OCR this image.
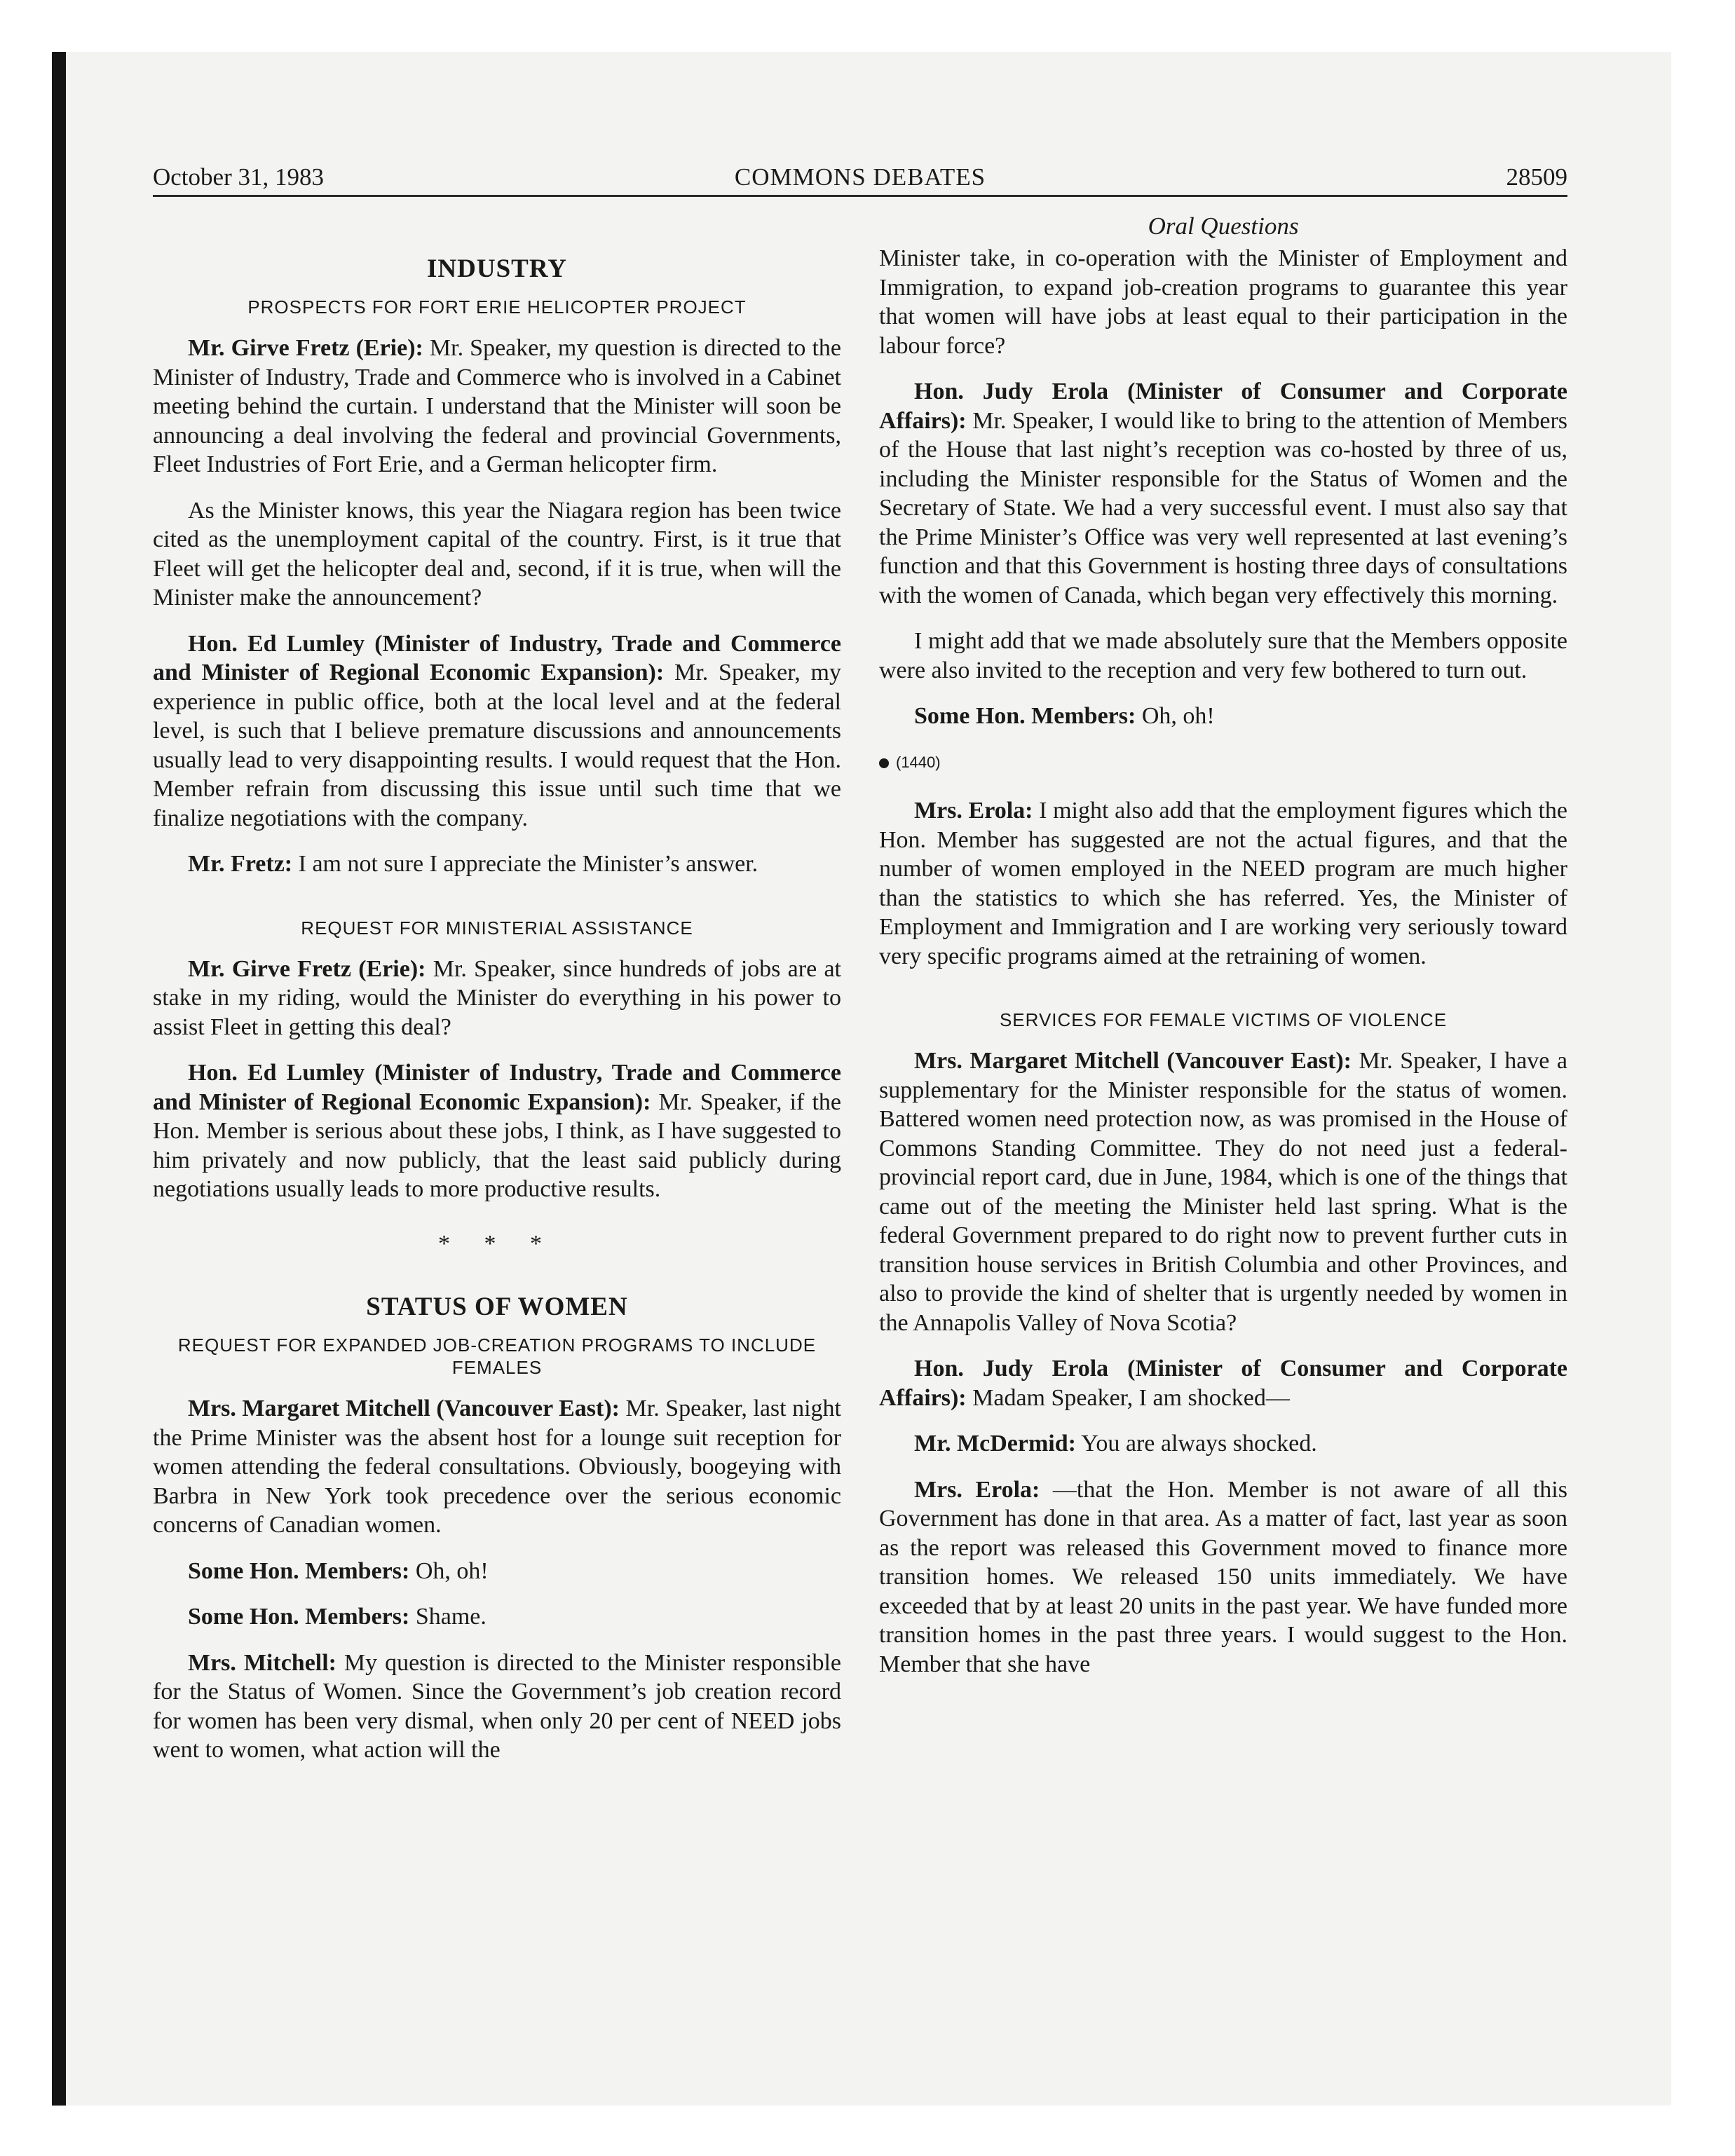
October 31, 1983	COMMONS DEBATES	28509
INDUSTRY
PROSPECTS FOR FORT ERIE HELICOPTER PROJECT

Mr. Girve Fretz (Erie): Mr. Speaker, my question is directed to the Minister of Industry, Trade and Commerce who is involved in a Cabinet meeting behind the curtain. I understand that the Minister will soon be announcing a deal involving the federal and provincial Governments, Fleet Industries of Fort Erie, and a German helicopter firm.

As the Minister knows, this year the Niagara region has been twice cited as the unemployment capital of the country. First, is it true that Fleet will get the helicopter deal and, second, if it is true, when will the Minister make the announcement?

Hon. Ed Lumley (Minister of Industry, Trade and Commerce and Minister of Regional Economic Expansion): Mr. Speaker, my experience in public office, both at the local level and at the federal level, is such that I believe premature discussions and announcements usually lead to very disappointing results. I would request that the Hon. Member refrain from discussing this issue until such time that we finalize negotiations with the company.

Mr. Fretz: I am not sure I appreciate the Minister’s answer.

REQUEST FOR MINISTERIAL ASSISTANCE

Mr. Girve Fretz (Erie): Mr. Speaker, since hundreds of jobs are at stake in my riding, would the Minister do everything in his power to assist Fleet in getting this deal?

Hon. Ed Lumley (Minister of Industry, Trade and Commerce and Minister of Regional Economic Expansion): Mr. Speaker, if the Hon. Member is serious about these jobs, I think, as I have suggested to him privately and now publicly, that the least said publicly during negotiations usually leads to more productive results.

* * *
STATUS OF WOMEN
REQUEST FOR EXPANDED JOB-CREATION PROGRAMS TO INCLUDE FEMALES

Mrs. Margaret Mitchell (Vancouver East): Mr. Speaker, last night the Prime Minister was the absent host for a lounge suit reception for women attending the federal consultations. Obviously, boogeying with Barbra in New York took precedence over the serious economic concerns of Canadian women.

Some Hon. Members: Oh, oh!

Some Hon. Members: Shame.

Mrs. Mitchell: My question is directed to the Minister responsible for the Status of Women. Since the Government’s job creation record for women has been very dismal, when only 20 per cent of NEED jobs went to women, what action will the

Oral Questions

Minister take, in co-operation with the Minister of Employment and Immigration, to expand job-creation programs to guarantee this year that women will have jobs at least equal to their participation in the labour force?

Hon. Judy Erola (Minister of Consumer and Corporate Affairs): Mr. Speaker, I would like to bring to the attention of Members of the House that last night’s reception was co-hosted by three of us, including the Minister responsible for the Status of Women and the Secretary of State. We had a very successful event. I must also say that the Prime Minister’s Office was very well represented at last evening’s function and that this Government is hosting three days of consultations with the women of Canada, which began very effectively this morning.

I might add that we made absolutely sure that the Members opposite were also invited to the reception and very few bothered to turn out.

Some Hon. Members: Oh, oh!

(1440)

Mrs. Erola: I might also add that the employment figures which the Hon. Member has suggested are not the actual figures, and that the number of women employed in the NEED program are much higher than the statistics to which she has referred. Yes, the Minister of Employment and Immigration and I are working very seriously toward very specific programs aimed at the retraining of women.

SERVICES FOR FEMALE VICTIMS OF VIOLENCE

Mrs. Margaret Mitchell (Vancouver East): Mr. Speaker, I have a supplementary for the Minister responsible for the status of women. Battered women need protection now, as was promised in the House of Commons Standing Committee. They do not need just a federal-provincial report card, due in June, 1984, which is one of the things that came out of the meeting the Minister held last spring. What is the federal Government prepared to do right now to prevent further cuts in transition house services in British Columbia and other Provinces, and also to provide the kind of shelter that is urgently needed by women in the Annapolis Valley of Nova Scotia?

Hon. Judy Erola (Minister of Consumer and Corporate Affairs): Madam Speaker, I am shocked—

Mr. McDermid: You are always shocked.

Mrs. Erola: —that the Hon. Member is not aware of all this Government has done in that area. As a matter of fact, last year as soon as the report was released this Government moved to finance more transition homes. We released 150 units immediately. We have exceeded that by at least 20 units in the past year. We have funded more transition homes in the past three years. I would suggest to the Hon. Member that she have
